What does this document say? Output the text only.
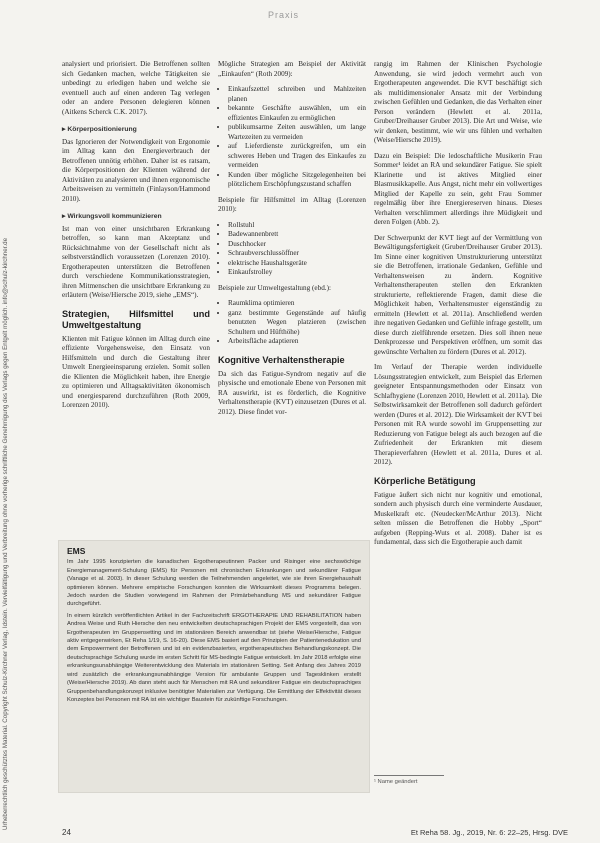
Praxis
Urheberrechtlich geschütztes Material. Copyright Schulz-Kirchner Verlag, Idstein. Vervielfältigung und Verbreitung ohne vorherige schriftliche Genehmigung des Verlags gegen Entgelt möglich. info@schulz-kirchner.de

analysiert und priorisiert. Die Betroffenen sollten sich Gedanken machen, welche Tätigkeiten sie unbedingt zu erledigen haben und welche sie eventuell auch auf einen anderen Tag verlegen oder an andere Personen delegieren können (Aitkens Scherck C.K. 2017).

▸ Körperpositionierung

Das Ignorieren der Notwendigkeit von Ergonomie im Alltag kann den Energieverbrauch der Betroffenen unnötig erhöhen. Daher ist es ratsam, die Körperpositionen der Klienten während der Aktivitäten zu analysieren und ihnen ergonomische Arbeitsweisen zu vermitteln (Finlayson/Hammond 2010).

▸ Wirkungsvoll kommunizieren

Ist man von einer unsichtbaren Erkrankung betroffen, so kann man Akzeptanz und Rücksichtnahme von der Gesellschaft nicht als selbstverständlich voraussetzen (Lorenzen 2010). Ergotherapeuten unterstützen die Betroffenen durch verschiedene Kommunikationsstrategien, ihren Mitmenschen die unsichtbare Erkrankung zu erläutern (Weise/Hiersche 2019, siehe „EMS“).

Strategien, Hilfsmittel und Umweltgestaltung

Klienten mit Fatigue können im Alltag durch eine effiziente Vorgehensweise, den Einsatz von Hilfsmitteln und durch die Gestaltung ihrer Umwelt Energieeinsparung erzielen. Somit sollen die Klienten die Möglichkeit haben, ihre Energie zu optimieren und Alltagsaktivitäten ökonomisch und energiesparend durchzuführen (Roth 2009, Lorenzen 2010).

Mögliche Strategien am Beispiel der Aktivität „Einkaufen“ (Roth 2009):

• Einkaufszettel schreiben und Mahlzeiten planen
• bekannte Geschäfte auswählen, um ein effizientes Einkaufen zu ermöglichen
• publikumsarme Zeiten auswählen, um lange Wartezeiten zu vermeiden
• auf Lieferdienste zurückgreifen, um ein schweres Heben und Tragen des Einkaufes zu vermeiden
• Kunden über mögliche Sitzgelegenheiten bei plötzlichem Erschöpfungszustand schaffen

Beispiele für Hilfsmittel im Alltag (Lorenzen 2010):

• Rollstuhl
• Badewannenbrett
• Duschhocker
• Schraubverschlussöffner
• elektrische Haushaltsgeräte
• Einkaufstrolley

Beispiele zur Umweltgestaltung (ebd.):

• Raumklima optimieren
• ganz bestimmte Gegenstände auf häufig benutzten Wegen platzieren (zwischen Schultern und Hüfthöhe)
• Arbeitsfläche adaptieren
Kognitive Verhaltenstherapie

Da sich das Fatigue-Syndrom negativ auf die physische und emotionale Ebene von Personen mit RA auswirkt, ist es förderlich, die Kognitive Verhaltenstherapie (KVT) einzusetzen (Dures et al. 2012). Diese findet vor-

rangig im Rahmen der Klinischen Psychologie Anwendung, sie wird jedoch vermehrt auch von Ergotherapeuten angewendet. Die KVT beschäftigt sich als multidimensionaler Ansatz mit der Verbindung zwischen Gefühlen und Gedanken, die das Verhalten einer Person verändern (Hewlett et al. 2011a, Gruber/Dreihauser Gruber 2013). Die Art und Weise, wie wir denken, bestimmt, wie wir uns fühlen und verhalten (Weise/Hiersche 2019).

Dazu ein Beispiel: Die ledoschaftliche Musikerin Frau Sommer¹ leidet an RA und sekundärer Fatigue. Sie spielt Klarinette und ist aktives Mitglied einer Blasmusikkapelle. Aus Angst, nicht mehr ein vollwertiges Mitglied der Kapelle zu sein, geht Frau Sommer regelmäßig über ihre Energiereserven hinaus. Dieses Verhalten verschlimmert allerdings ihre Müdigkeit und deren Folgen (Abb. 2).

Der Schwerpunkt der KVT liegt auf der Vermittlung von Bewältigungsfertigkeit (Gruber/Dreihauser Gruber 2013). Im Sinne einer kognitiven Umstrukturierung unterstützt sie die Betroffenen, irrationale Gedanken, Gefühle und Verhaltensweisen zu ändern. Kognitive Verhaltenstherapeuten stellen den Erkrankten strukturierte, reflektierende Fragen, damit diese die Möglichkeit haben, Verhaltensmuster eigenständig zu ermitteln (Hewlett et al. 2011a). Anschließend werden ihre negativen Gedanken und Gefühle infrage gestellt, um diese durch zielführende ersetzen. Dies soll ihnen neue Denkprozesse und Perspektiven eröffnen, um somit das gewünschte Verhalten zu fördern (Dures et al. 2012).

Im Verlauf der Therapie werden individuelle Lösungsstrategien entwickelt, zum Beispiel das Erlernen geeigneter Entspannungsmethoden oder Einsatz von Schlafhygiene (Lorenzen 2010, Hewlett et al. 2011a). Die Selbstwirksamkeit der Betroffenen soll dadurch gefördert werden (Dures et al. 2012). Die Wirksamkeit der KVT bei Personen mit RA wurde sowohl im Gruppensetting zur Reduzierung von Fatigue belegt als auch bezogen auf die Zufriedenheit der Erkrankten mit diesem Therapieverfahren (Hewlett et al. 2011a, Dures et al. 2012).

Körperliche Betätigung

Fatigue äußert sich nicht nur kognitiv und emotional, sondern auch physisch durch eine verminderte Ausdauer, Muskelkraft etc. (Neudecker/McArthur 2013). Nicht selten müssen die Betroffenen die Hobby „Sport“ aufgeben (Repping-Wuts et al. 2008). Daher ist es fundamental, dass sich die Ergotherapie auch damit

EMS

Im Jahr 1995 konzipierten die kanadischen Ergotherapeutinnen Packer und Risinger eine sechswöchige Energiemanagement-Schulung (EMS) für Personen mit chronischen Erkrankungen und sekundärer Fatigue (Vanage et al. 2003). In dieser Schulung werden die Teilnehmenden angeleitet, wie sie ihren Energiehaushalt optimieren können. Mehrere empirische Forschungen konnten die Wirksamkeit dieses Programms belegen. Jedoch wurden die Studien vorwiegend im Rahmen der Primärbehandlung MS und sekundärer Fatigue durchgeführt.

In einem kürzlich veröffentlichten Artikel in der Fachzeitschrift ERGOTHERAPIE UND REHABILITATION haben Andrea Weise und Ruth Hiersche den neu entwickelten deutschsprachigen Projekt der EMS vorgestellt, das von Ergotherapeuten im Gruppensetting und im stationären Bereich anwendbar ist (siehe Weise/Hiersche, Fatigue aktiv entgegenwirken, Et Reha 1/19, S. 16-20). Diese EMS basiert auf den Prinzipien der Patientenedukation und dem Empowerment der Betroffenen und ist ein evidenzbasiertes, ergotherapeutisches Behandlungskonzept. Die deutschsprachige Schulung wurde im ersten Schritt für MS-bedingte Fatigue entwickelt. Im Jahr 2018 erfolgte eine erkrankungsunabhängige Weiterentwicklung des Materials im stationären Setting. Seit Anfang des Jahres 2019 wird zusätzlich die erkrankungsunabhängige Version für ambulante Gruppen und Tagesklinken erstellt (Weise/Hiersche 2019). Ab dann steht auch für Menschen mit RA und sekundärer Fatigue ein deutschsprachiges Gruppenbehandlungskonzept inklusive benötigter Materialien zur Verfügung. Die Ermittlung der Effektivität dieses Konzeptes bei Personen mit RA ist ein wichtiger Baustein für zukünftige Forschungen.

¹ Name geändert
24	Et Reha 58. Jg., 2019, Nr. 6: 22–25, Hrsg. DVE
